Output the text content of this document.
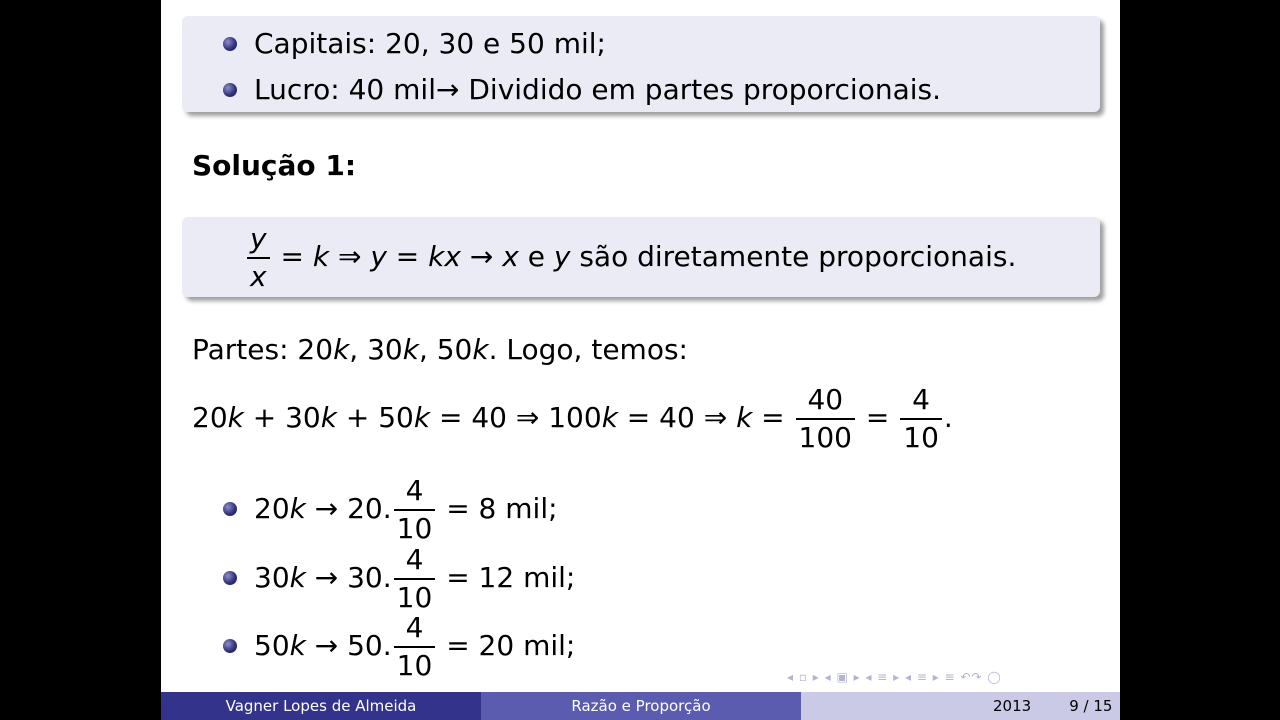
Capitais: 20, 30 e 50 mil;
Lucro: 40 mil→ Dividido em partes proporcionais.
Solução 1:
$\frac{y}{x} = k$ ⇒ y = kx → x e y são diretamente proporcionais.
Partes: 20k, 30k, 50k. Logo, temos:
20k + 30k + 50k = 40 ⇒ 100k = 40 ⇒ $k = \frac{40}{100} = \frac{4}{10}$ .
20k → 20. $\frac{4}{10} = 8$ mil;
30k → 30. $\frac{4}{10} = 12$ mil;
50k → 50. $\frac{4}{10} = 20$ mil;
◂ ▫ ▸ ◂ ▣ ▸ ◂ ≡ ▸ ◂ ≡ ▸ ≡ ↶↷ ◯
Vagner Lopes de Almeida	Razão e Proporção	2013	9 / 15
